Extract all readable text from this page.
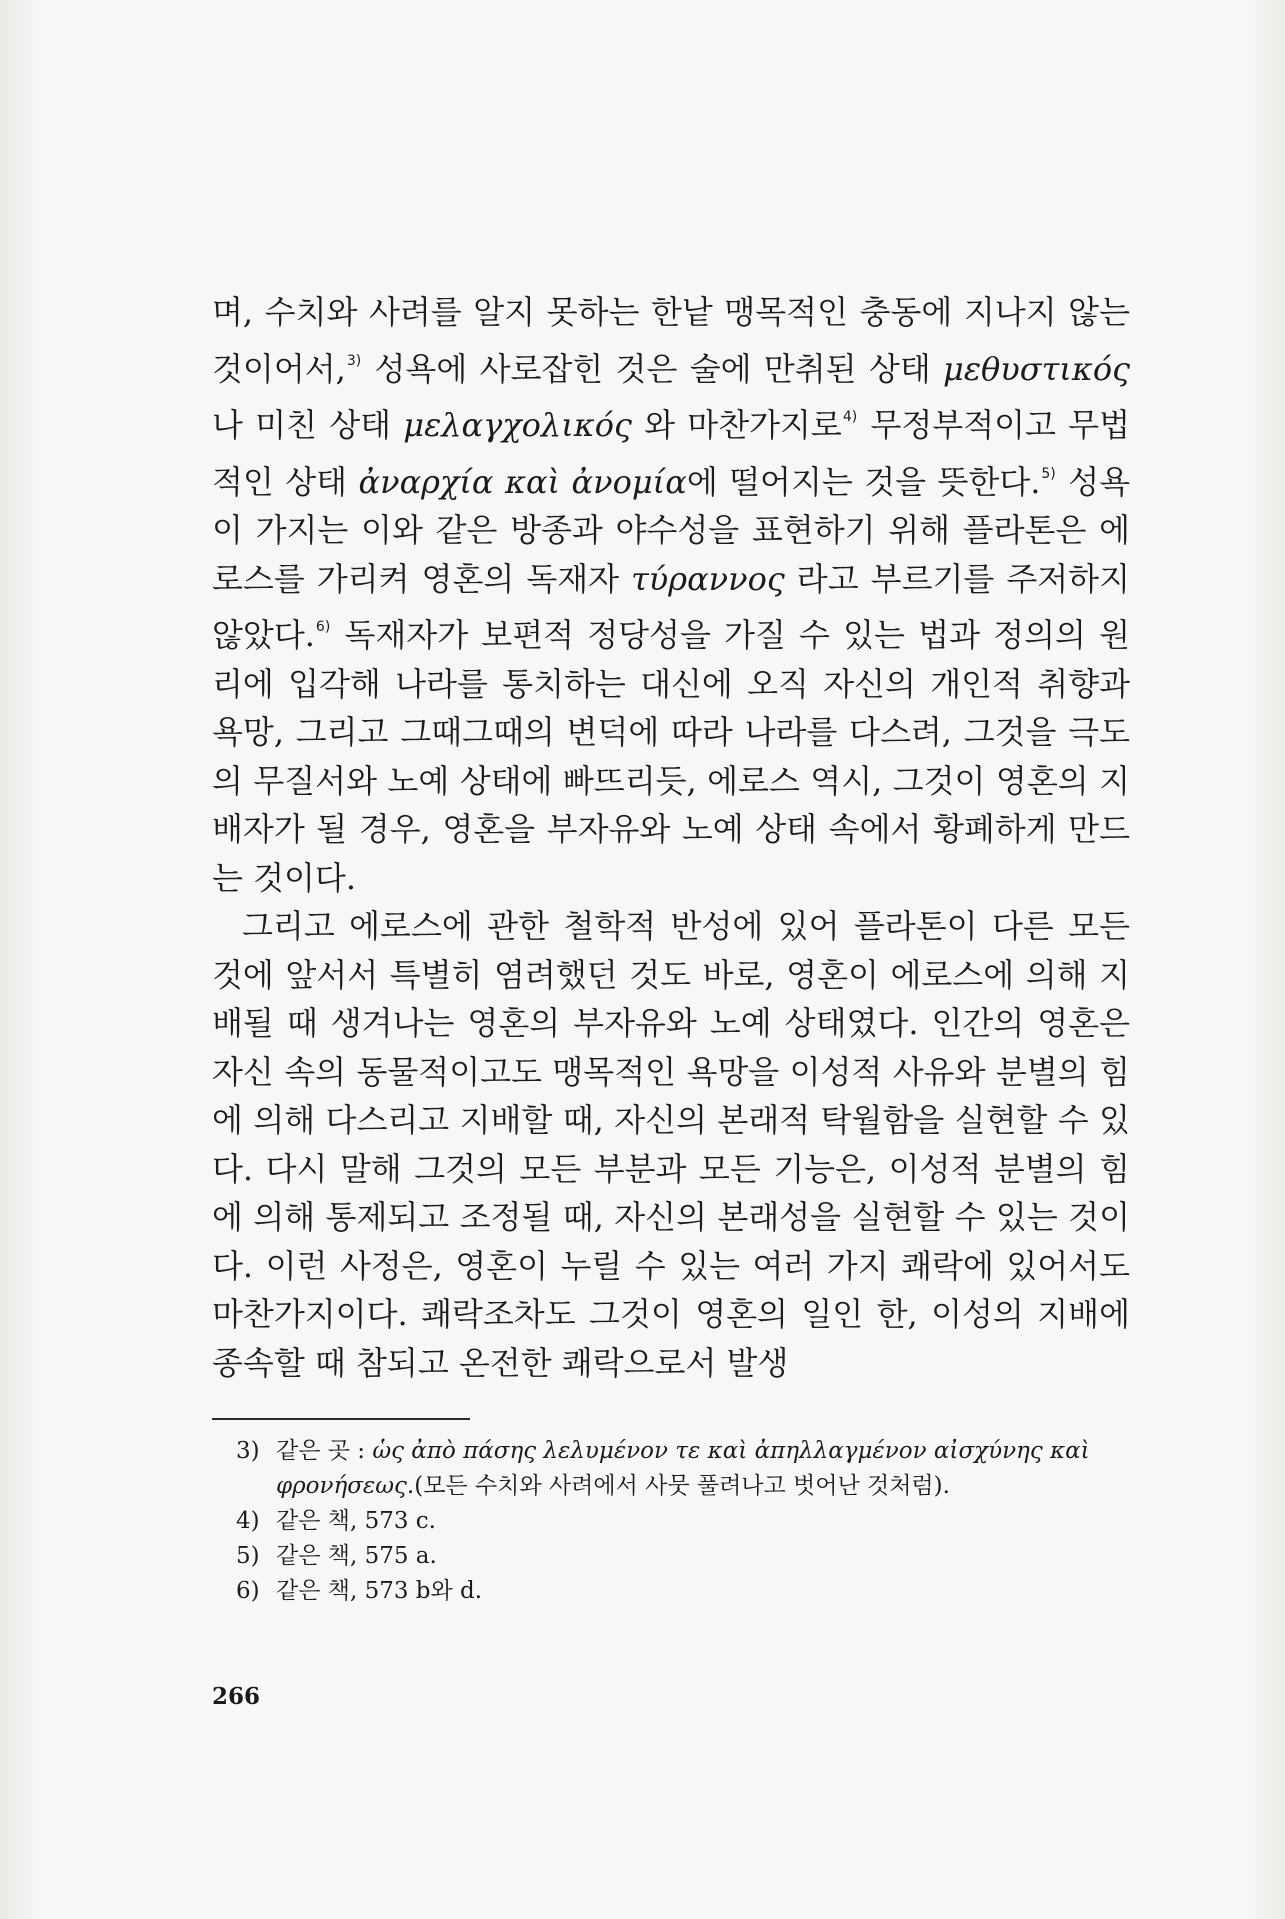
며, 수치와 사려를 알지 못하는 한낱 맹목적인 충동에 지나지 않는 것이어서,$^{3)}$ 성욕에 사로잡힌 것은 술에 만취된 상태 μεθυστικός나 미친 상태 μελαγχολικός 와 마찬가지로$^{4)}$ 무정부적이고 무법적인 상태 ἀναρχία καὶ ἀνομία에 떨어지는 것을 뜻한다.$^{5)}$ 성욕이 가지는 이와 같은 방종과 야수성을 표현하기 위해 플라톤은 에로스를 가리켜 영혼의 독재자 τύραννος 라고 부르기를 주저하지 않았다.$^{6)}$ 독재자가 보편적 정당성을 가질 수 있는 법과 정의의 원리에 입각해 나라를 통치하는 대신에 오직 자신의 개인적 취향과 욕망, 그리고 그때그때의 변덕에 따라 나라를 다스려, 그것을 극도의 무질서와 노예 상태에 빠뜨리듯, 에로스 역시, 그것이 영혼의 지배자가 될 경우, 영혼을 부자유와 노예 상태 속에서 황폐하게 만드는 것이다.

그리고 에로스에 관한 철학적 반성에 있어 플라톤이 다른 모든 것에 앞서서 특별히 염려했던 것도 바로, 영혼이 에로스에 의해 지배될 때 생겨나는 영혼의 부자유와 노예 상태였다. 인간의 영혼은 자신 속의 동물적이고도 맹목적인 욕망을 이성적 사유와 분별의 힘에 의해 다스리고 지배할 때, 자신의 본래적 탁월함을 실현할 수 있다. 다시 말해 그것의 모든 부분과 모든 기능은, 이성적 분별의 힘에 의해 통제되고 조정될 때, 자신의 본래성을 실현할 수 있는 것이다. 이런 사정은, 영혼이 누릴 수 있는 여러 가지 쾌락에 있어서도 마찬가지이다. 쾌락조차도 그것이 영혼의 일인 한, 이성의 지배에 종속할 때 참되고 온전한 쾌락으로서 발생

3) 같은 곳 : ὡς ἀπὸ πάσης λελυμένον τε καὶ ἀπηλλαγμένον αἰσχύνης καὶ φρονήσεως.(모든 수치와 사려에서 사뭇 풀려나고 벗어난 것처럼).
4) 같은 책, 573 c.
5) 같은 책, 575 a.
6) 같은 책, 573 b와 d.
266
